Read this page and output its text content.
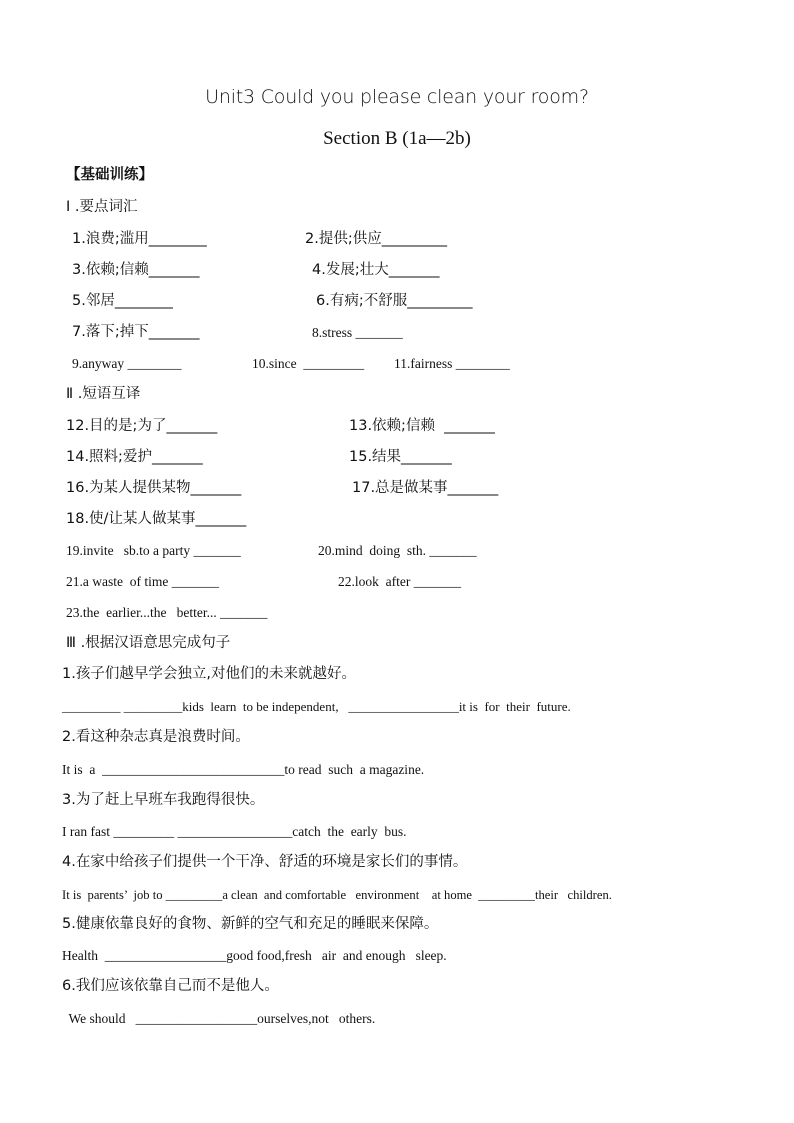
Unit3 Could you please clean your room?
Section B (1a—2b)
【基础训练】
Ⅰ .要点词汇
1.浪费;滥用________	2.提供;供应_________
3.依赖;信赖_______	4.发展;壮大_______
5.邻居________	6.有病;不舒服_________
7.落下;掉下_______	8.stress _______
9.anyway ________	10.since  _________ 11.fairness ________
Ⅱ .短语互译
12.目的是;为了_______	13.依赖;信赖  _______
14.照料;爱护_______	15.结果_______
16.为某人提供某物_______	17.总是做某事_______
18.使/让某人做某事_______
19.invite   sb.to a party _______	20.mind  doing  sth. _______
21.a waste  of time _______	22.look  after _______
23.the  earlier...the   better... _______
Ⅲ .根据汉语意思完成句子
1.孩子们越早学会独立,对他们的未来就越好。
_________ _________kids  learn  to be independent,   _________________it is  for  their  future.
2.看这种杂志真是浪费时间。
It is  a  ___________________________to read  such  a magazine.
3.为了赶上早班车我跑得很快。
I ran fast _________ _________________catch  the  early  bus.
4.在家中给孩子们提供一个干净、舒适的环境是家长们的事情。
It is  parents’  job to _________a clean  and comfortable   environment    at home  _________their   children.
5.健康依靠良好的食物、新鲜的空气和充足的睡眠来保障。
Health  __________________good food,fresh   air  and enough   sleep.
6.我们应该依靠自己而不是他人。
We should   __________________ourselves,not   others.
